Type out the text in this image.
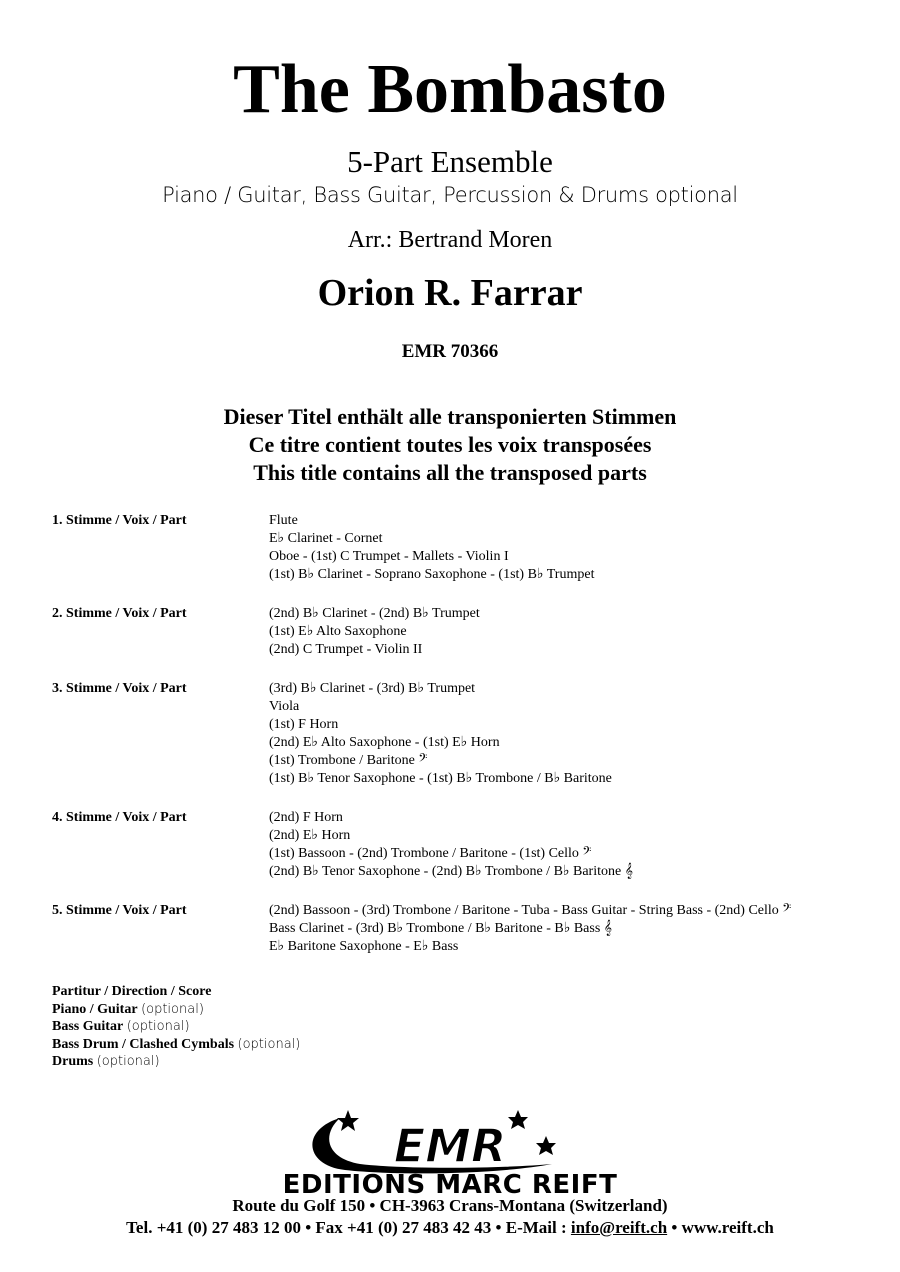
The Bombasto
5-Part Ensemble
Piano / Guitar, Bass Guitar, Percussion & Drums optional
Arr.: Bertrand Moren
Orion R. Farrar
EMR 70366
Dieser Titel enthält alle transponierten Stimmen
Ce titre contient toutes les voix transposées
This title contains all the transposed parts
1. Stimme / Voix / Part	Flute
E♭ Clarinet - Cornet
Oboe - (1st) C Trumpet - Mallets - Violin I
(1st) B♭ Clarinet - Soprano Saxophone - (1st) B♭ Trumpet
2. Stimme / Voix / Part	(2nd) B♭ Clarinet - (2nd) B♭ Trumpet
(1st) E♭ Alto Saxophone
(2nd) C Trumpet - Violin II
3. Stimme / Voix / Part	(3rd) B♭ Clarinet - (3rd) B♭ Trumpet
Viola
(1st) F Horn
(2nd) E♭ Alto Saxophone - (1st) E♭ Horn
(1st) Trombone / Baritone 𝄢
(1st) B♭ Tenor Saxophone - (1st) B♭ Trombone / B♭ Baritone
4. Stimme / Voix / Part	(2nd) F Horn
(2nd) E♭ Horn
(1st) Bassoon - (2nd) Trombone / Baritone - (1st) Cello 𝄢
(2nd) B♭ Tenor Saxophone - (2nd) B♭ Trombone / B♭ Baritone 𝄞
5. Stimme / Voix / Part	(2nd) Bassoon - (3rd) Trombone / Baritone - Tuba - Bass Guitar - String Bass - (2nd) Cello 𝄢
Bass Clarinet - (3rd) B♭ Trombone / B♭ Baritone - B♭ Bass 𝄞
E♭ Baritone Saxophone - E♭ Bass
Partitur / Direction / Score
Piano / Guitar (optional)
Bass Guitar (optional)
Bass Drum / Clashed Cymbals (optional)
Drums (optional)
EMR
EDITIONS MARC REIFT
Route du Golf 150 • CH-3963 Crans-Montana (Switzerland)
Tel. +41 (0) 27 483 12 00 • Fax +41 (0) 27 483 42 43 • E-Mail : info@reift.ch • www.reift.ch
